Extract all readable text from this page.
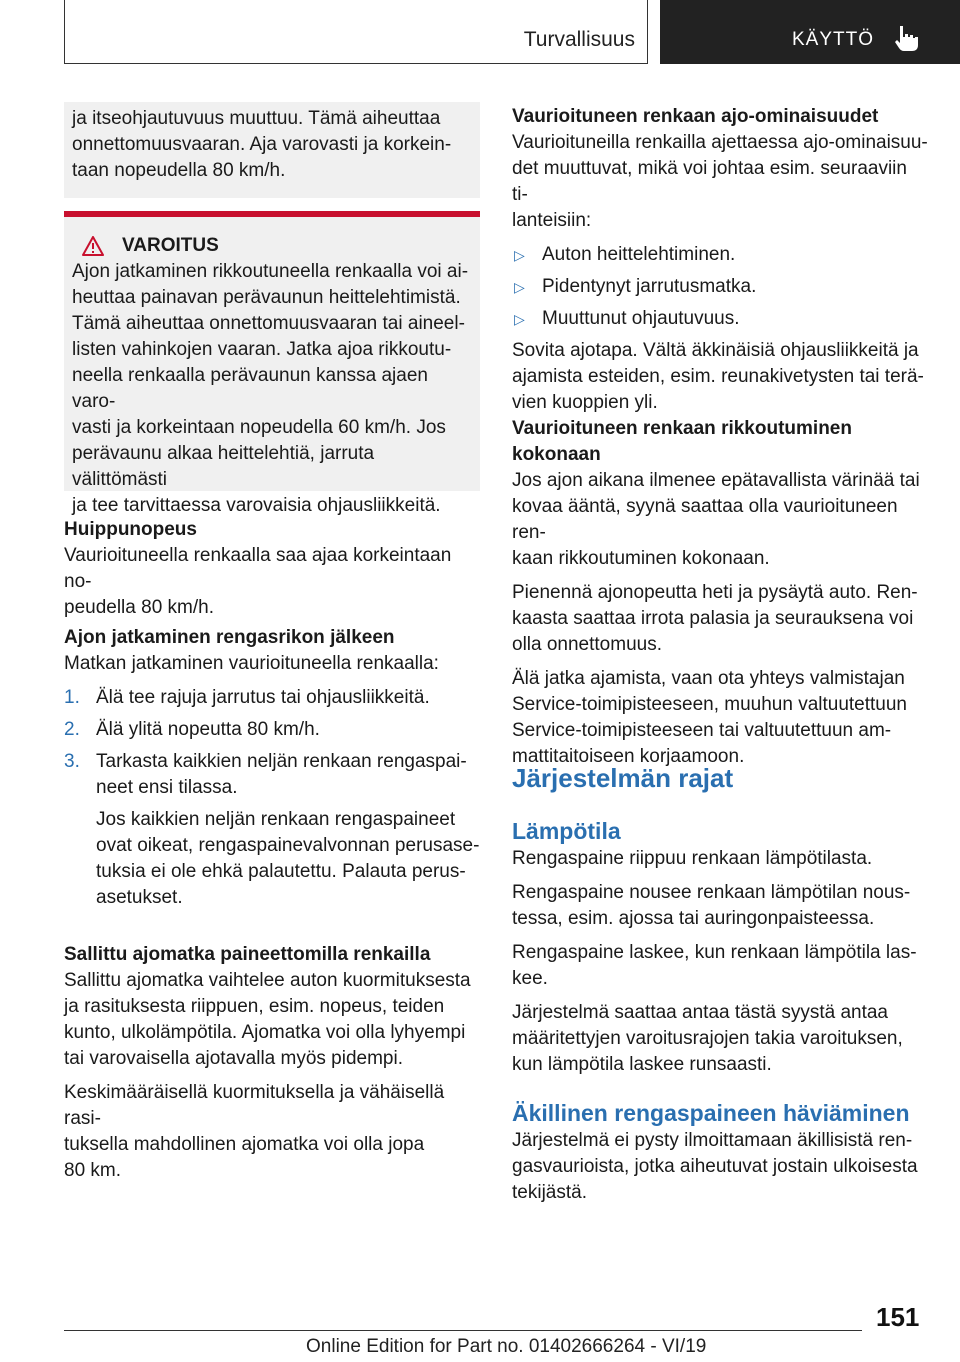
Turvallisuus	KÄYTTÖ
ja itseohjautuvuus muuttuu. Tämä aiheuttaa
onnettomuusvaaran. Aja varovasti ja korkein-
taan nopeudella 80 km/h.
VAROITUS
Ajon jatkaminen rikkoutuneella renkaalla voi ai-
heuttaa painavan perävaunun heittelehtimistä.
Tämä aiheuttaa onnettomuusvaaran tai aineel-
listen vahinkojen vaaran. Jatka ajoa rikkoutu-
neella renkaalla perävaunun kanssa ajaen varo-
vasti ja korkeintaan nopeudella 60 km/h. Jos
perävaunu alkaa heittelehtiä, jarruta välittömästi
ja tee tarvittaessa varovaisia ohjausliikkeitä.
Huippunopeus
Vaurioituneella renkaalla saa ajaa korkeintaan no-
peudella 80 km/h.
Ajon jatkaminen rengasrikon jälkeen
Matkan jatkaminen vaurioituneella renkaalla:
1. Älä tee rajuja jarrutus tai ohjausliikkeitä.
2. Älä ylitä nopeutta 80 km/h.
3. Tarkasta kaikkien neljän renkaan rengaspai-
neet ensi tilassa.
Jos kaikkien neljän renkaan rengaspaineet
ovat oikeat, rengaspainevalvonnan perusase-
tuksia ei ole ehkä palautettu. Palauta perus-
asetukset.
Sallittu ajomatka paineettomilla renkailla
Sallittu ajomatka vaihtelee auton kuormituksesta
ja rasituksesta riippuen, esim. nopeus, teiden
kunto, ulkolämpötila. Ajomatka voi olla lyhyempi
tai varovaisella ajotavalla myös pidempi.
Keskimääräisellä kuormituksella ja vähäisellä rasi-
tuksella mahdollinen ajomatka voi olla jopa
80 km.
Vaurioituneen renkaan ajo-ominaisuudet
Vaurioituneilla renkailla ajettaessa ajo-ominaisuu-
det muuttuvat, mikä voi johtaa esim. seuraaviin ti-
lanteisiin:
▷ Auton heittelehtiminen.
▷ Pidentynyt jarrutusmatka.
▷ Muuttunut ohjautuvuus.
Sovita ajotapa. Vältä äkkinäisiä ohjausliikkeitä ja
ajamista esteiden, esim. reunakivetysten tai terä-
vien kuoppien yli.
Vaurioituneen renkaan rikkoutuminen
kokonaan
Jos ajon aikana ilmenee epätavallista värinää tai
kovaa ääntä, syynä saattaa olla vaurioituneen ren-
kaan rikkoutuminen kokonaan.
Pienennä ajonopeutta heti ja pysäytä auto. Ren-
kaasta saattaa irrota palasia ja seurauksena voi
olla onnettomuus.
Älä jatka ajamista, vaan ota yhteys valmistajan
Service-toimipisteeseen, muuhun valtuutettuun
Service-toimipisteeseen tai valtuutettuun am-
mattitaitoiseen korjaamoon.
Järjestelmän rajat
Lämpötila
Rengaspaine riippuu renkaan lämpötilasta.
Rengaspaine nousee renkaan lämpötilan nous-
tessa, esim. ajossa tai auringonpaisteessa.
Rengaspaine laskee, kun renkaan lämpötila las-
kee.
Järjestelmä saattaa antaa tästä syystä antaa
määritettyjen varoitusrajojen takia varoituksen,
kun lämpötila laskee runsaasti.
Äkillinen rengaspaineen häviäminen
Järjestelmä ei pysty ilmoittamaan äkillisistä ren-
gasvaurioista, jotka aiheutuvat jostain ulkoisesta
tekijästä.
151
Online Edition for Part no. 01402666264 - VI/19
